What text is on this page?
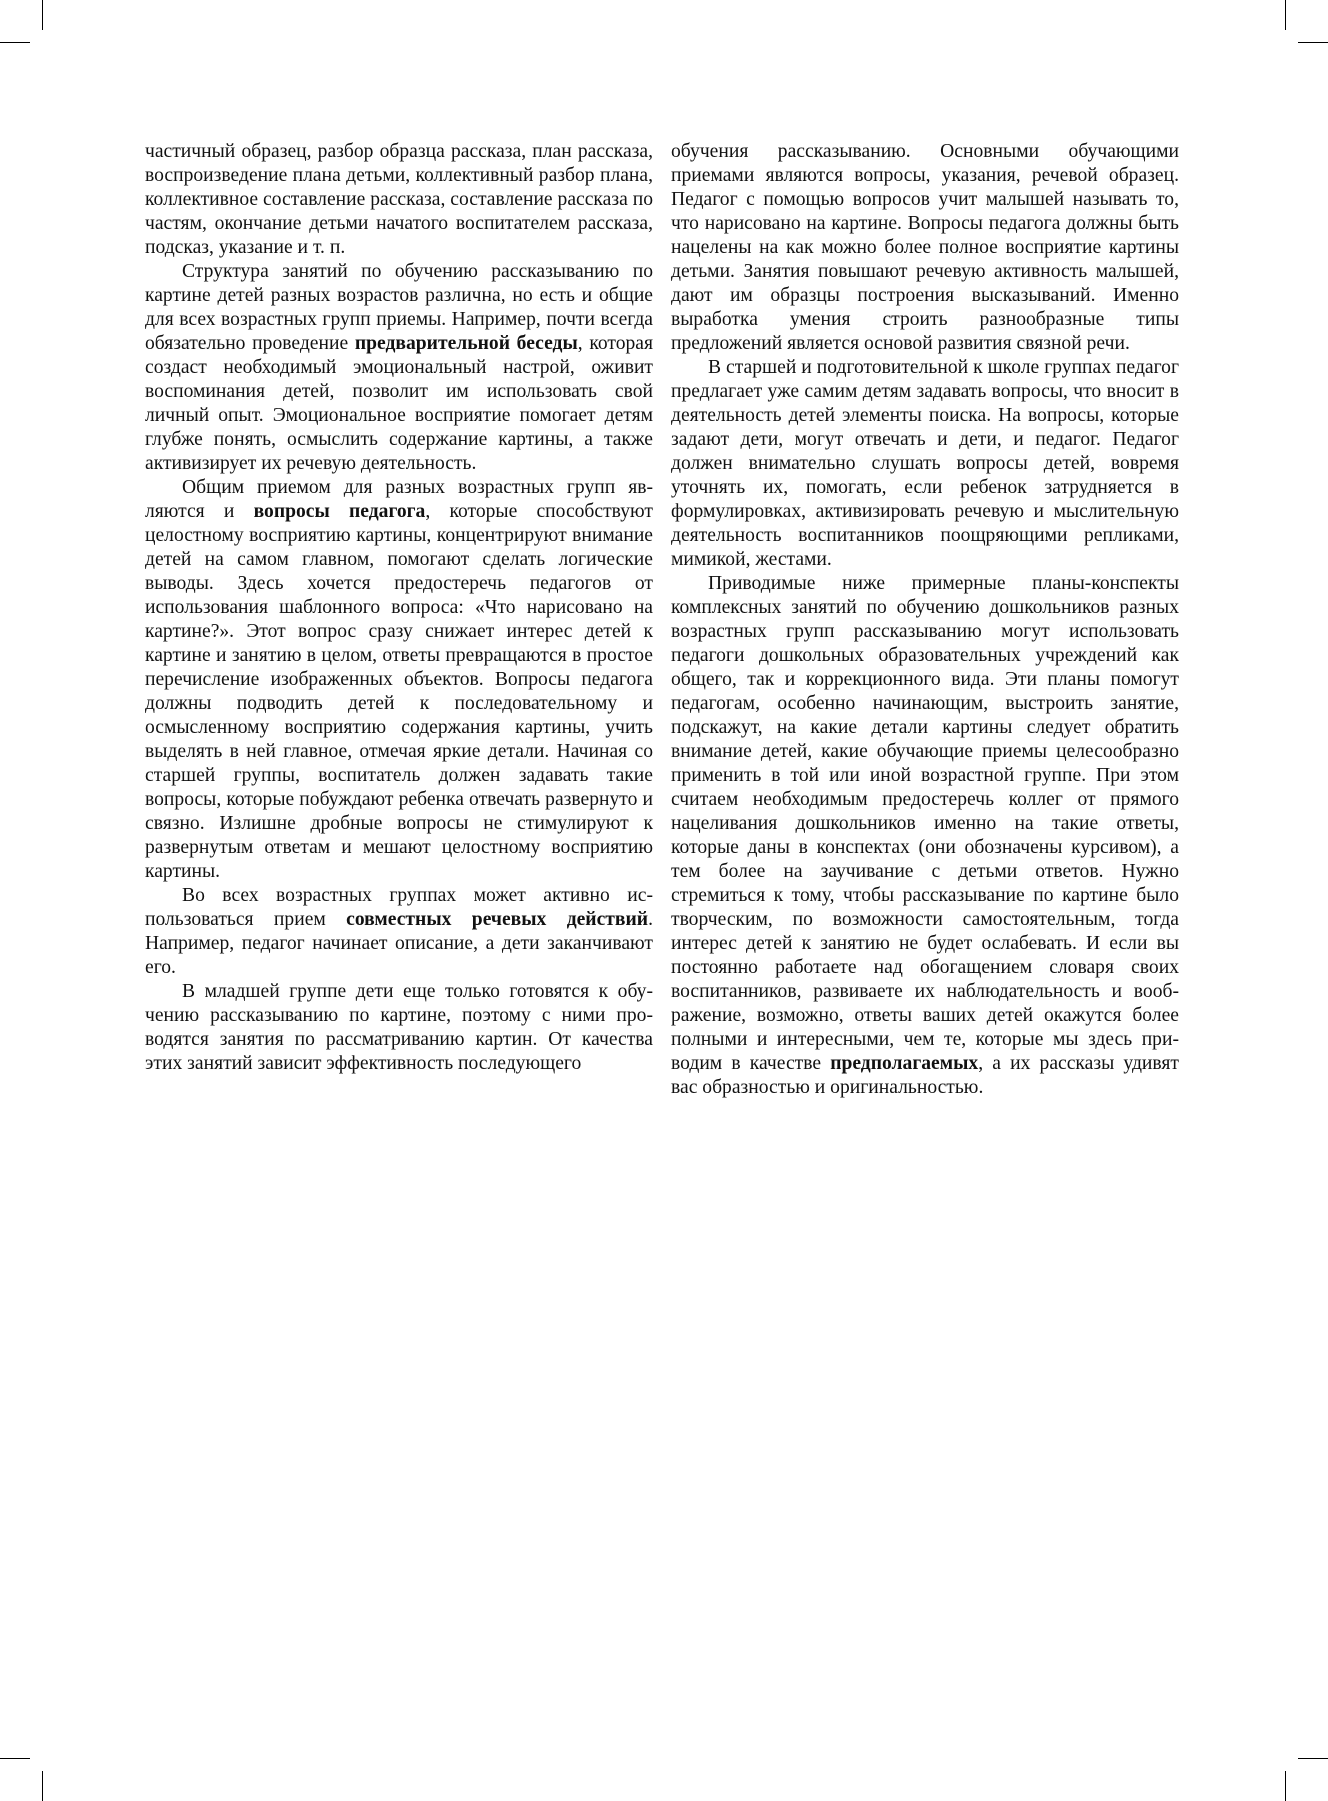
частичный образец, разбор образца рассказа, план рассказа, воспроизведение плана детьми, коллективный разбор плана, коллективное составление рассказа, составление рассказа по частям, окончание детьми начатого воспитателем рассказа, подсказ, указание и т. п.

Структура занятий по обучению рассказыванию по картине детей разных возрастов различна, но есть и общие для всех возрастных групп приемы. Например, почти всегда обязательно проведение предварительной беседы, которая создаст необходимый эмоциональный настрой, оживит воспоминания детей, позволит им использовать свой личный опыт. Эмоциональное восприятие помогает детям глубже понять, осмыслить содержание картины, а также активизирует их речевую деятельность.

Общим приемом для разных возрастных групп являются и вопросы педагога, которые способствуют целостному восприятию картины, концентрируют внимание детей на самом главном, помогают сделать логические выводы. Здесь хочется предостеречь педагогов от использования шаблонного вопроса: «Что нарисовано на картине?». Этот вопрос сразу снижает интерес детей к картине и занятию в целом, ответы превращаются в простое перечисление изображенных объектов. Вопросы педагога должны подводить детей к последовательному и осмысленному восприятию содержания картины, учить выделять в ней главное, отмечая яркие детали. Начиная со старшей группы, воспитатель должен задавать такие вопросы, которые побуждают ребенка отвечать развернуто и связно. Излишне дробные вопросы не стимулируют к развернутым ответам и мешают целостному восприятию картины.

Во всех возрастных группах может активно использоваться прием совместных речевых действий. Например, педагог начинает описание, а дети заканчивают его.

В младшей группе дети еще только готовятся к обучению рассказыванию по картине, поэтому с ними проводятся занятия по рассматриванию картин. От качества этих занятий зависит эффективность последующего

обучения рассказыванию. Основными обучающими приемами являются вопросы, указания, речевой образец. Педагог с помощью вопросов учит малышей называть то, что нарисовано на картине. Вопросы педагога должны быть нацелены на как можно более полное восприятие картины детьми. Занятия повышают речевую активность малышей, дают им образцы построения высказываний. Именно выработка умения строить разнообразные типы предложений является основой развития связной речи.

В старшей и подготовительной к школе группах педагог предлагает уже самим детям задавать вопросы, что вносит в деятельность детей элементы поиска. На вопросы, которые задают дети, могут отвечать и дети, и педагог. Педагог должен внимательно слушать вопросы детей, вовремя уточнять их, помогать, если ребенок затрудняется в формулировках, активизировать речевую и мыслительную деятельность воспитанников поощряющими репликами, мимикой, жестами.

Приводимые ниже примерные планы-конспекты комплексных занятий по обучению дошкольников разных возрастных групп рассказыванию могут использовать педагоги дошкольных образовательных учреждений как общего, так и коррекционного вида. Эти планы помогут педагогам, особенно начинающим, выстроить занятие, подскажут, на какие детали картины следует обратить внимание детей, какие обучающие приемы целесообразно применить в той или иной возрастной группе. При этом считаем необходимым предостеречь коллег от прямого нацеливания дошкольников именно на такие ответы, которые даны в конспектах (они обозначены курсивом), а тем более на заучивание с детьми ответов. Нужно стремиться к тому, чтобы рассказывание по картине было творческим, по возможности самостоятельным, тогда интерес детей к занятию не будет ослабевать. И если вы постоянно работаете над обогащением словаря своих воспитанников, развиваете их наблюдательность и воображение, возможно, ответы ваших детей окажутся более полными и интересными, чем те, которые мы здесь приводим в качестве предполагаемых, а их рассказы удивят вас образностью и оригинальностью.
